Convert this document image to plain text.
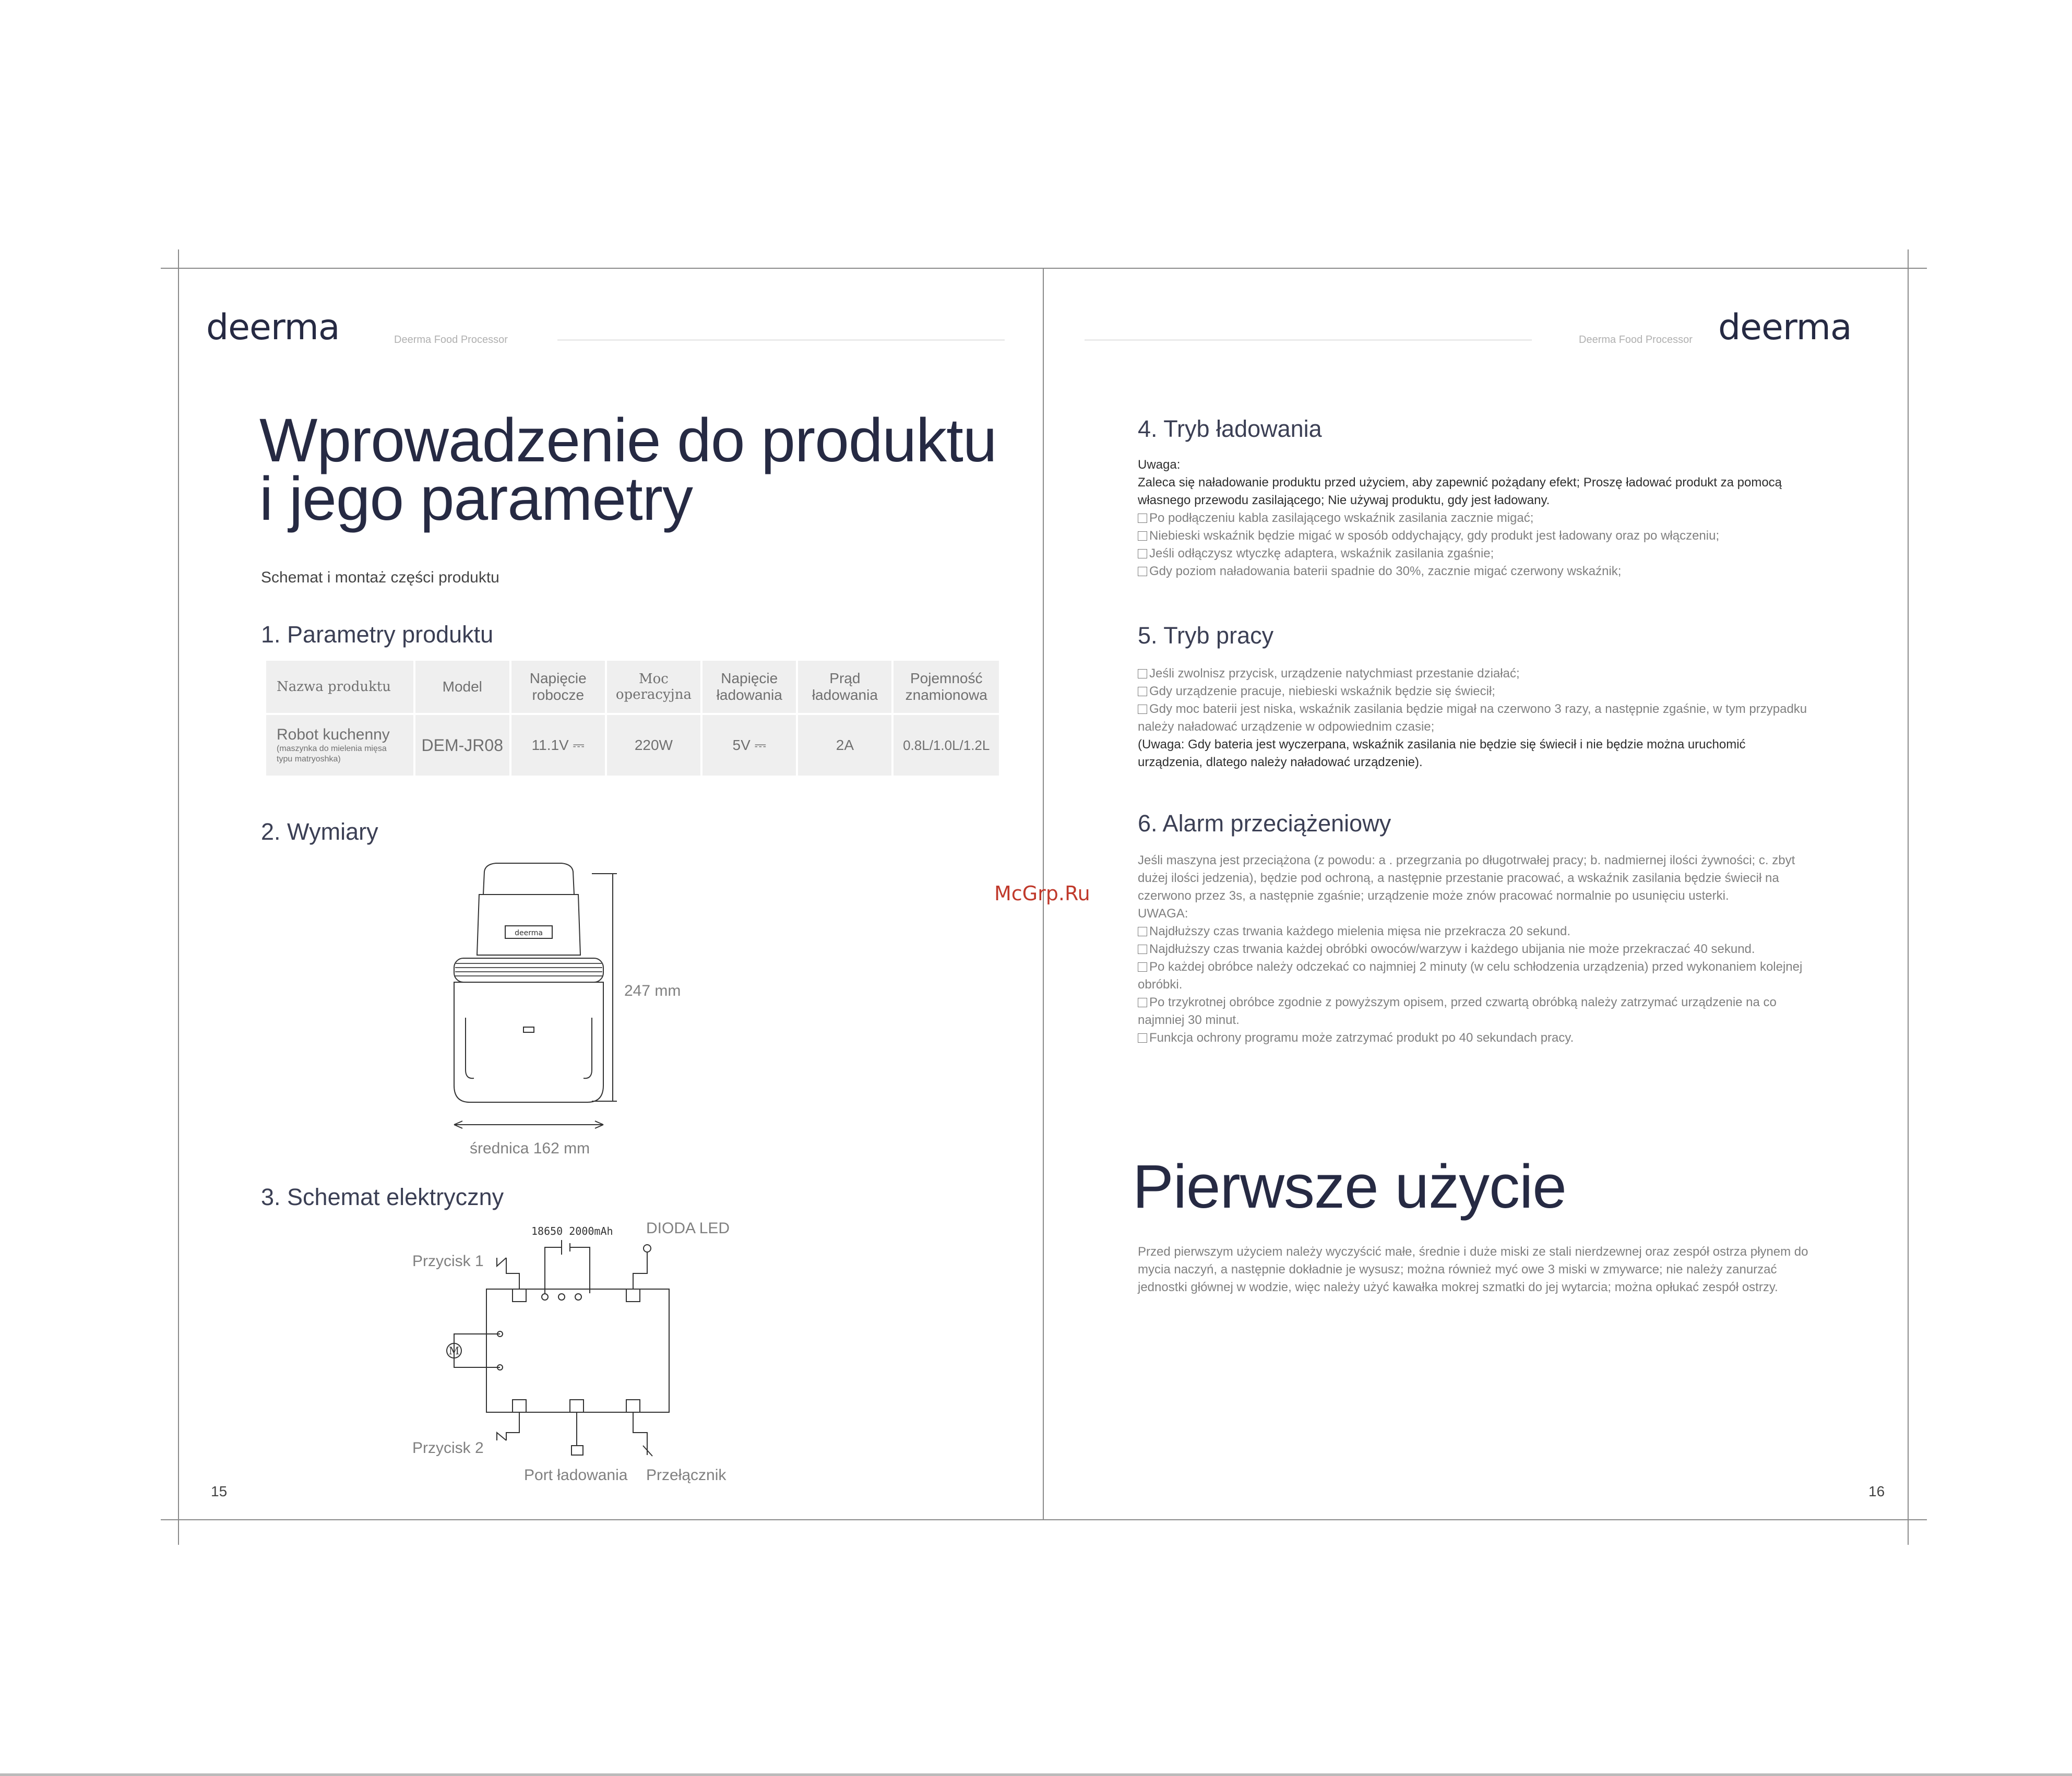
deerma	Deerma Food Processor
Wprowadzenie do produktu
i jego parametry
Schemat i montaż części produktu
1. Parametry produktu
Nazwa produktu	Model	Napięcie robocze	Moc operacyjna	Napięcie ładowania	Prąd ładowania	Pojemność znamionowa

Robot kuchenny
(maszynka do mielenia mięsa typu matryoshka)	DEM-JR08	11.1V ⎓	220W	5V ⎓	2A	0.8L/1.0L/1.2L
2. Wymiary
deerma
247 mm
średnica 162 mm
3. Schemat elektryczny
M
18650 2000mAh DIODA LED
Przycisk 1
Przycisk 2
Port ładowania Przełącznik
15
Deerma Food Processor deerma
4. Tryb ładowania
Uwaga:
Zaleca się naładowanie produktu przed użyciem, aby zapewnić pożądany efekt; Proszę ładować produkt za pomocą
własnego przewodu zasilającego; Nie używaj produktu, gdy jest ładowany.
Po podłączeniu kabla zasilającego wskaźnik zasilania zacznie migać;
Niebieski wskaźnik będzie migać w sposób oddychający, gdy produkt jest ładowany oraz po włączeniu;
Jeśli odłączysz wtyczkę adaptera, wskaźnik zasilania zgaśnie;
Gdy poziom naładowania baterii spadnie do 30%, zacznie migać czerwony wskaźnik;
5. Tryb pracy
Jeśli zwolnisz przycisk, urządzenie natychmiast przestanie działać;
Gdy urządzenie pracuje, niebieski wskaźnik będzie się świecił;
Gdy moc baterii jest niska, wskaźnik zasilania będzie migał na czerwono 3 razy, a następnie zgaśnie, w tym przypadku
należy naładować urządzenie w odpowiednim czasie;
(Uwaga: Gdy bateria jest wyczerpana, wskaźnik zasilania nie będzie się świecił i nie będzie można uruchomić
urządzenia, dlatego należy naładować urządzenie).
6. Alarm przeciążeniowy
Jeśli maszyna jest przeciążona (z powodu: a . przegrzania po długotrwałej pracy; b. nadmiernej ilości żywności; c. zbyt
dużej ilości jedzenia), będzie pod ochroną, a następnie przestanie pracować, a wskaźnik zasilania będzie świecił na
czerwono przez 3s, a następnie zgaśnie; urządzenie może znów pracować normalnie po usunięciu usterki.
UWAGA:
Najdłuższy czas trwania każdego mielenia mięsa nie przekracza 20 sekund.
Najdłuższy czas trwania każdej obróbki owoców/warzyw i każdego ubijania nie może przekraczać 40 sekund.
Po każdej obróbce należy odczekać co najmniej 2 minuty (w celu schłodzenia urządzenia) przed wykonaniem kolejnej
obróbki.
Po trzykrotnej obróbce zgodnie z powyższym opisem, przed czwartą obróbką należy zatrzymać urządzenie na co
najmniej 30 minut.
Funkcja ochrony programu może zatrzymać produkt po 40 sekundach pracy.
McGrp.Ru
Pierwsze użycie
Przed pierwszym użyciem należy wyczyścić małe, średnie i duże miski ze stali nierdzewnej oraz zespół ostrza płynem do
mycia naczyń, a następnie dokładnie je wysusz; można również myć owe 3 miski w zmywarce; nie należy zanurzać
jednostki głównej w wodzie, więc należy użyć kawałka mokrej szmatki do jej wytarcia; można opłukać zespół ostrzy.
16
